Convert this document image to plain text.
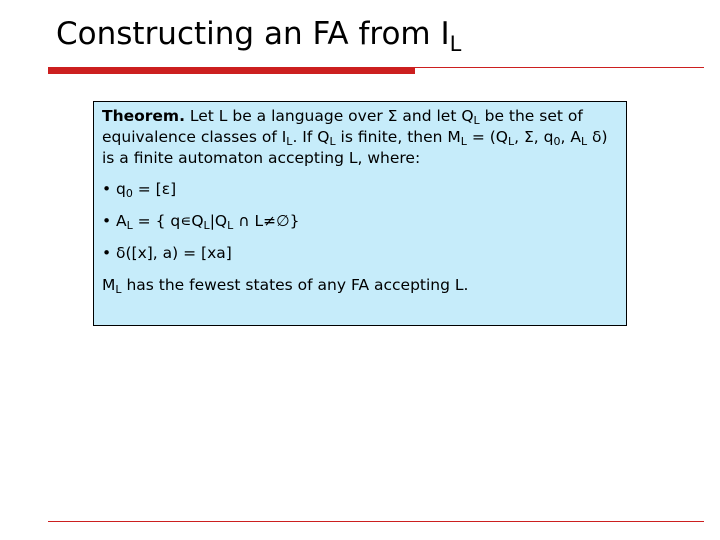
Constructing an FA from $I_L$

Theorem. Let L be a language over Σ and let $Q_L$ be the set of equivalence classes of $I_L$. If $Q_L$ is finite, then $M_L = (Q_L$, Σ, $q_0$, $A_L$ δ) is a finite automaton accepting L, where:

• $q_0 = [\varepsilon]$
• $A_L$ = { $q∊Q_L|Q_L$ ∩ L≠∅}
• δ([x], a) = [xa]

$M_L$ has the fewest states of any FA accepting L.
